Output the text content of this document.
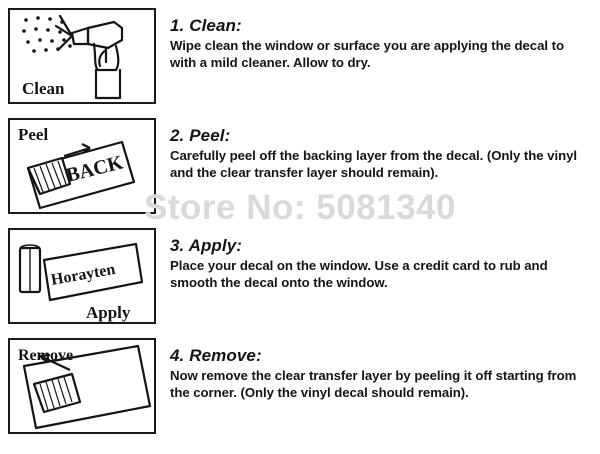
Clean

1. Clean:

Wipe clean the window or surface you are applying the decal to with a mild cleaner. Allow to dry.

Peel
BACK

2. Peel:

Carefully peel off the backing layer from the decal. (Only the vinyl and the clear transfer layer should remain).

Horayten
Apply

3. Apply:

Place your decal on the window. Use a credit card to rub and smooth the decal onto the window.

Remove	4. Remove:

Now remove the clear transfer layer by peeling it off starting from the corner. (Only the vinyl decal should remain).

Store No: 5081340
